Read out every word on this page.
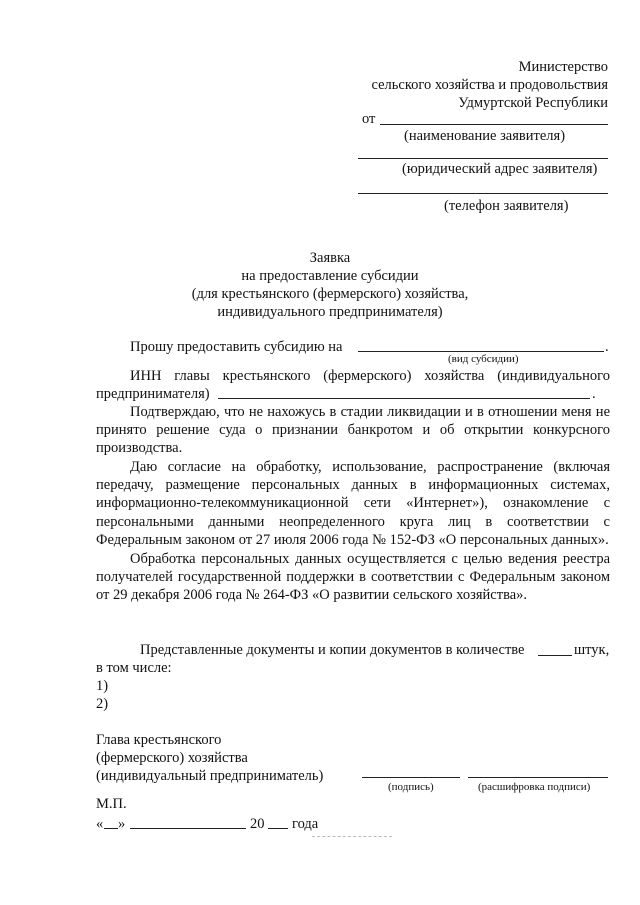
Министерство
сельского хозяйства и продовольствия
Удмуртской Республики
от
(наименование заявителя)
(юридический адрес заявителя)
(телефон заявителя)
Заявка
на предоставление субсидии
(для крестьянского (фермерского) хозяйства,
индивидуального предпринимателя)
Прошу предоставить субсидию на	.
(вид субсидии)
ИНН главы крестьянского (фермерского) хозяйства (индивидуального
предпринимателя)	.
Подтверждаю, что не нахожусь в стадии ликвидации и в отношении меня не принято решение суда о признании банкротом и об открытии конкурсного производства.
Даю согласие на обработку, использование, распространение (включая передачу, размещение персональных данных в информационных системах, информационно-телекоммуникационной сети «Интернет»), ознакомление с персональными данными неопределенного круга лиц в соответствии с Федеральным законом от 27 июля 2006 года № 152-ФЗ «О персональных данных».
Обработка персональных данных осуществляется с целью ведения реестра получателей государственной поддержки в соответствии с Федеральным законом от 29 декабря 2006 года № 264-ФЗ «О развитии сельского хозяйства».
Представленные документы и копии документов в количестве	штук,
в том числе:
1)
2)
Глава крестьянского
(фермерского) хозяйства
(индивидуальный предприниматель)
(подпись)	(расшифровка подписи)
М.П.
« »	20 года
